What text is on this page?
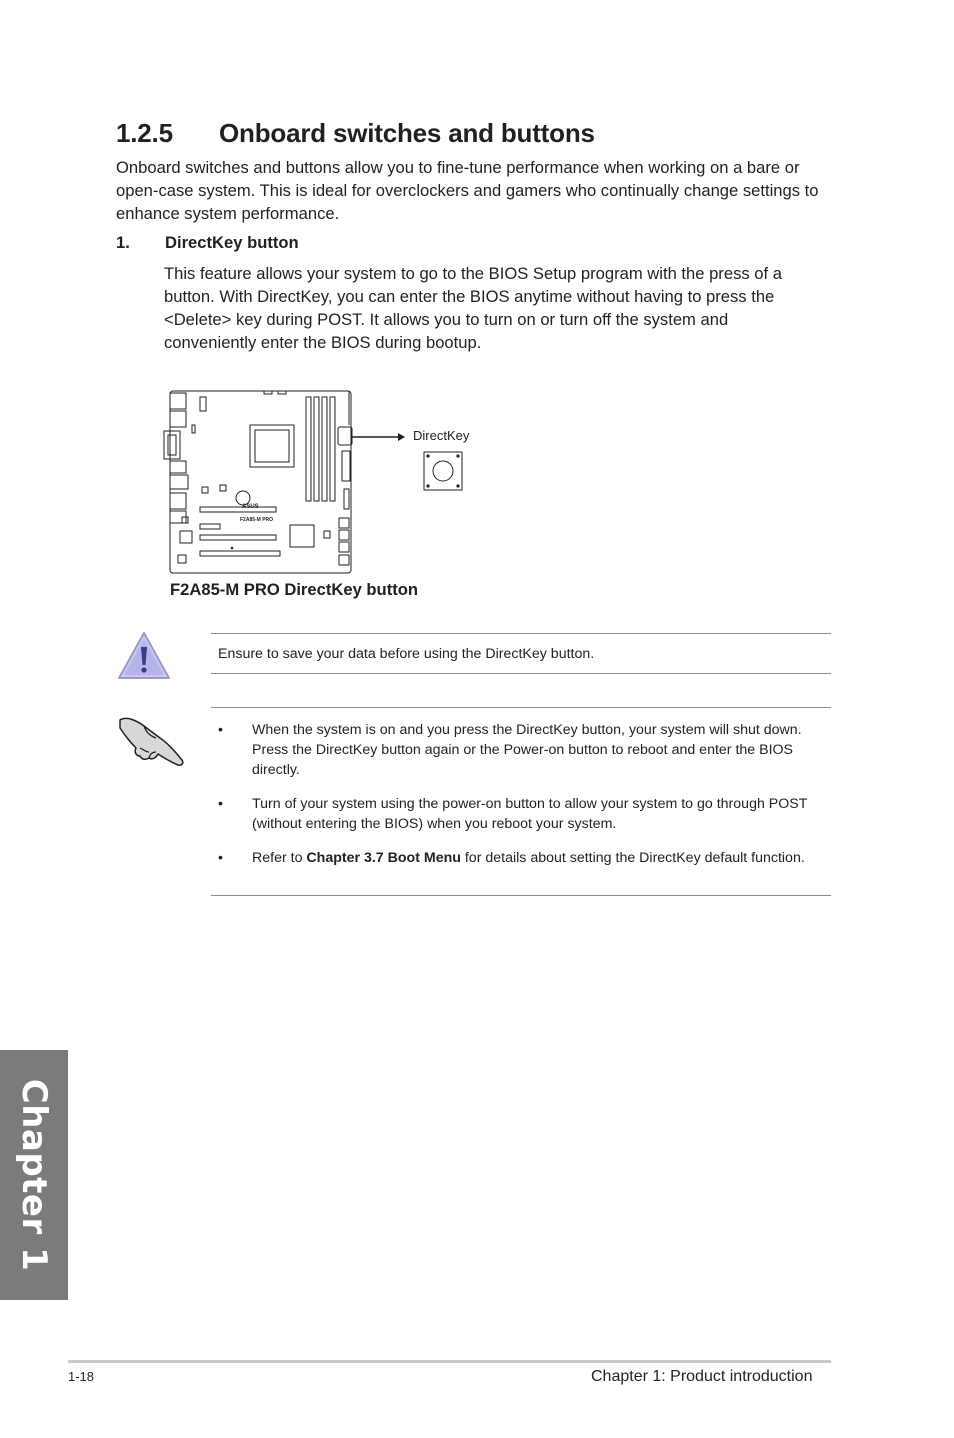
1.2.5 Onboard switches and buttons

Onboard switches and buttons allow you to fine-tune performance when working on a bare or open-case system. This is ideal for overclockers and gamers who continually change settings to enhance system performance.

1. DirectKey button

This feature allows your system to go to the BIOS Setup program with the press of a button. With DirectKey, you can enter the BIOS anytime without having to press the <Delete> key during POST. It allows you to turn on or turn off the system and conveniently enter the BIOS during bootup.

ASUS
F2A85-M PRO
DirectKey
F2A85-M PRO DirectKey button
Ensure to save your data before using the DirectKey button.
• When the system is on and you press the DirectKey button, your system will shut down. Press the DirectKey button again or the Power-on button to reboot and enter the BIOS directly.
• Turn of your system using the power-on button to allow your system to go through POST (without entering the BIOS) when you reboot your system.
• Refer to Chapter 3.7 Boot Menu for details about setting the DirectKey default function.
Chapter 1
1-18	Chapter 1: Product introduction
